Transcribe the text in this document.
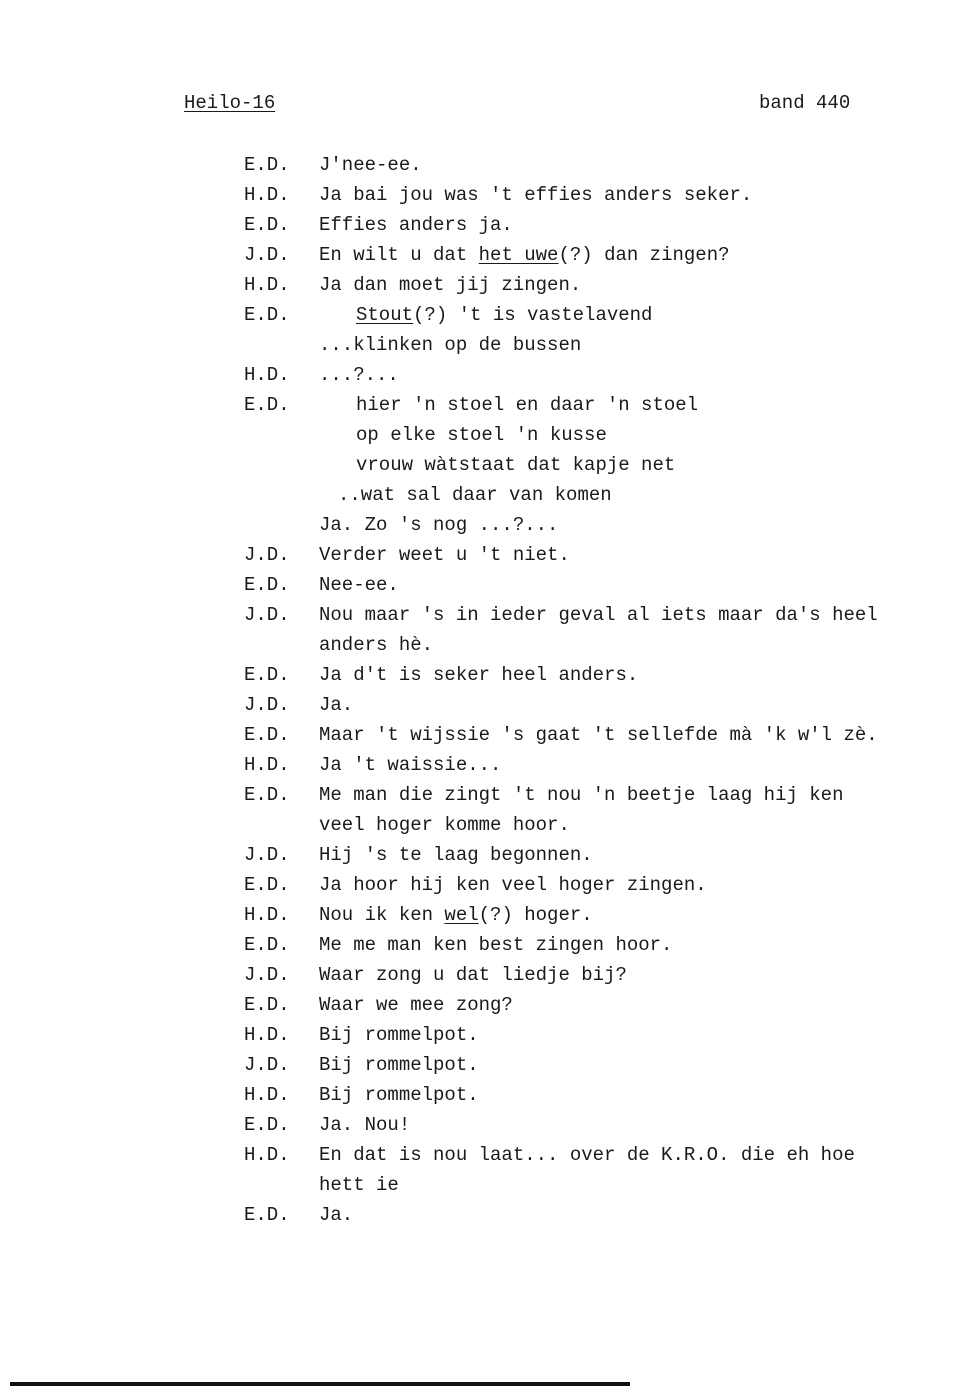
Heilo-16	band 440
E.D. J'nee-ee.
H.D. Ja bai jou was 't effies anders seker.
E.D. Effies anders ja.
J.D. En wilt u dat het uwe(?) dan zingen?
H.D. Ja dan moet jij zingen.
E.D.	Stout(?) 't is vastelavend
...klinken op de bussen
H.D. ...?...
E.D.	hier 'n stoel en daar 'n stoel
op elke stoel 'n kusse
vrouw wàtstaat dat kapje net
..wat sal daar van komen
Ja. Zo 's nog ...?...
J.D. Verder weet u 't niet.
E.D. Nee-ee.
J.D. Nou maar 's in ieder geval al iets maar da's heel
anders hè.
E.D. Ja d't is seker heel anders.
J.D. Ja.
E.D. Maar 't wijssie 's gaat 't sellefde mà 'k w'l zè.
H.D. Ja 't waissie...
E.D. Me man die zingt 't nou 'n beetje laag hij ken
veel hoger komme hoor.
J.D. Hij 's te laag begonnen.
E.D. Ja hoor hij ken veel hoger zingen.
H.D. Nou ik ken wel(?) hoger.
E.D. Me me man ken best zingen hoor.
J.D. Waar zong u dat liedje bij?
E.D. Waar we mee zong?
H.D. Bij rommelpot.
J.D. Bij rommelpot.
H.D. Bij rommelpot.
E.D. Ja. Nou!
H.D. En dat is nou laat... over de K.R.O. die eh hoe
hett ie
E.D. Ja.
